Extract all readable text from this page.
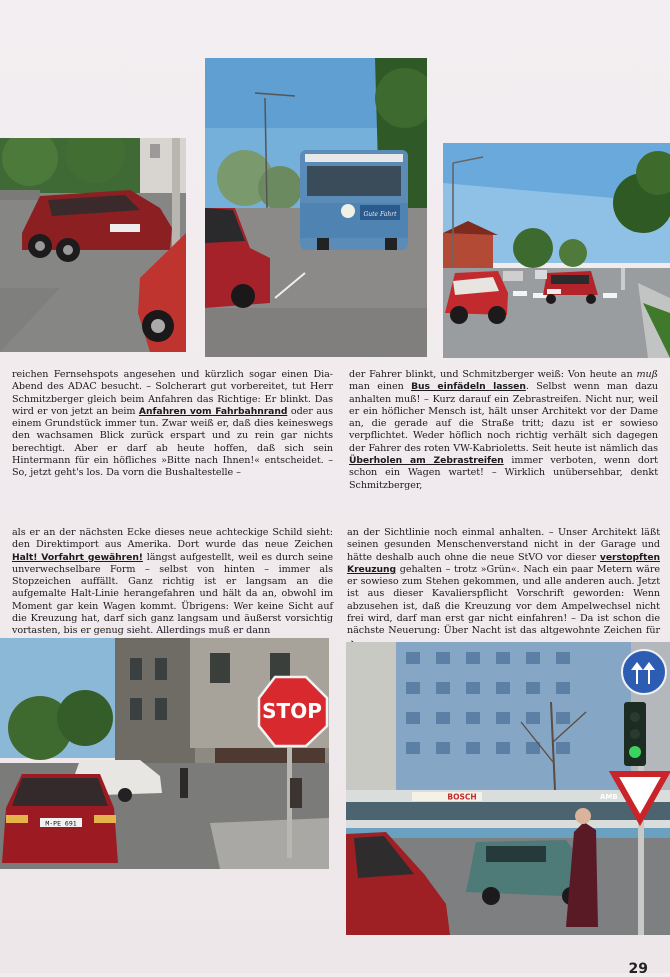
Gute Fahrt

reichen Fernsehspots angesehen und kürzlich sogar einen Dia-Abend des ADAC besucht. – Solcherart gut vorbereitet, tut Herr Schmitzberger gleich beim Anfahren das Richtige: Er blinkt. Das wird er von jetzt an beim Anfahren vom Fahrbahnrand oder aus einem Grundstück immer tun. Zwar weiß er, daß dies keineswegs den wachsamen Blick zurück erspart und zu rein gar nichts berechtigt. Aber er darf ab heute hoffen, daß sich sein Hintermann für ein höfliches »Bitte nach Ihnen!« entscheidet. – So, jetzt geht's los. Da vorn die Bushaltestelle –

der Fahrer blinkt, und Schmitzberger weiß: Von heute an muß man einen Bus einfädeln lassen. Selbst wenn man dazu anhalten muß! – Kurz darauf ein Zebrastreifen. Nicht nur, weil er ein höflicher Mensch ist, hält unser Architekt vor der Dame an, die gerade auf die Straße tritt; dazu ist er sowieso verpflichtet. Weder höflich noch richtig verhält sich dagegen der Fahrer des roten VW-Kabrioletts. Seit heute ist nämlich das Überholen am Zebrastreifen immer verboten, wenn dort schon ein Wagen wartet! – Wirklich unübersehbar, denkt Schmitzberger,

als er an der nächsten Ecke dieses neue achteckige Schild sieht: den Direktimport aus Amerika. Dort wurde das neue Zeichen Halt! Vorfahrt gewähren! längst aufgestellt, weil es durch seine unverwechselbare Form – selbst von hinten – immer als Stopzeichen auffällt. Ganz richtig ist er langsam an die aufgemalte Halt-Linie herangefahren und hält da an, obwohl im Moment gar kein Wagen kommt. Übrigens: Wer keine Sicht auf die Kreuzung hat, darf sich ganz langsam und äußerst vorsichtig vortasten, bis er genug sieht. Allerdings muß er dann

an der Sichtlinie noch einmal anhalten. – Unser Architekt läßt seinen gesunden Menschenverstand nicht in der Garage und hätte deshalb auch ohne die neue StVO vor dieser verstopften Kreuzung gehalten – trotz »Grün«. Nach ein paar Metern wäre er sowieso zum Stehen gekommen, und alle anderen auch. Jetzt ist aus dieser Kavalierspflicht Vorschrift geworden: Wenn abzusehen ist, daß die Kreuzung vor dem Ampelwechsel nicht frei wird, darf man erst gar nicht einfahren! – Da ist schon die nächste Neuerung: Über Nacht ist das altgewohnte Zeichen für

STOP
M-PE 691
BOSCH	AMB
29
